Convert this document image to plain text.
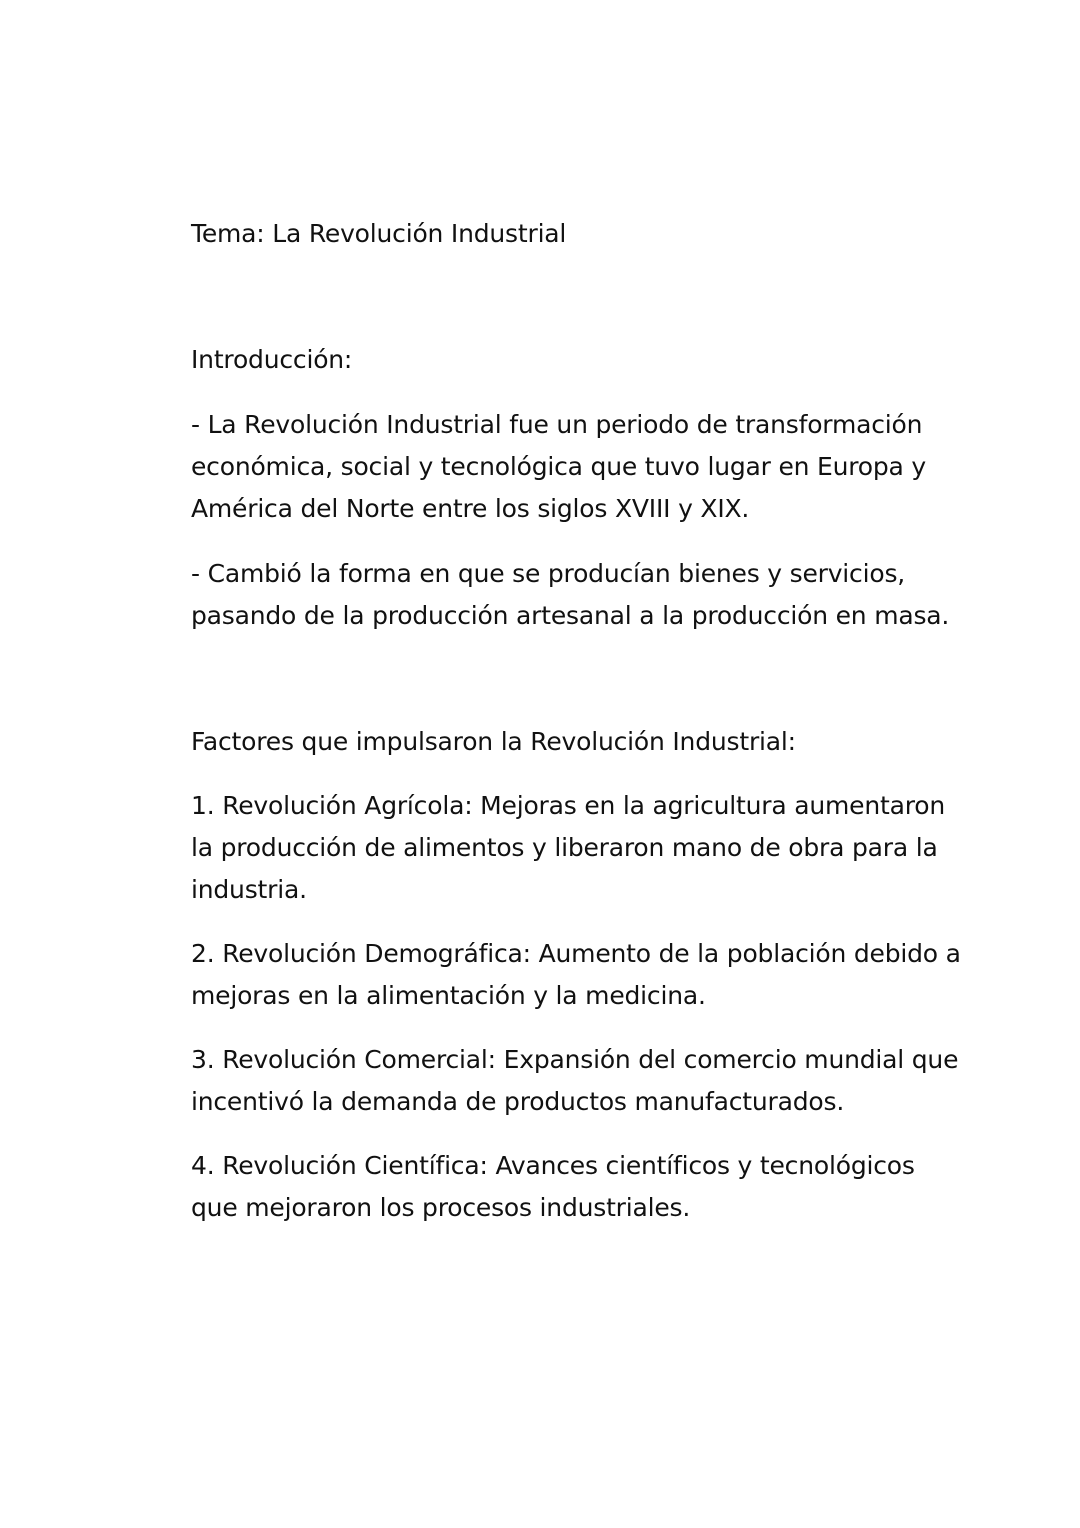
Tema: La Revolución Industrial

Introducción:

- La Revolución Industrial fue un periodo de transformación

económica, social y tecnológica que tuvo lugar en Europa y

América del Norte entre los siglos XVIII y XIX.

- Cambió la forma en que se producían bienes y servicios,

pasando de la producción artesanal a la producción en masa.

Factores que impulsaron la Revolución Industrial:

1. Revolución Agrícola: Mejoras en la agricultura aumentaron

la producción de alimentos y liberaron mano de obra para la

industria.

2. Revolución Demográfica: Aumento de la población debido a

mejoras en la alimentación y la medicina.

3. Revolución Comercial: Expansión del comercio mundial que

incentivó la demanda de productos manufacturados.

4. Revolución Científica: Avances científicos y tecnológicos

que mejoraron los procesos industriales.
